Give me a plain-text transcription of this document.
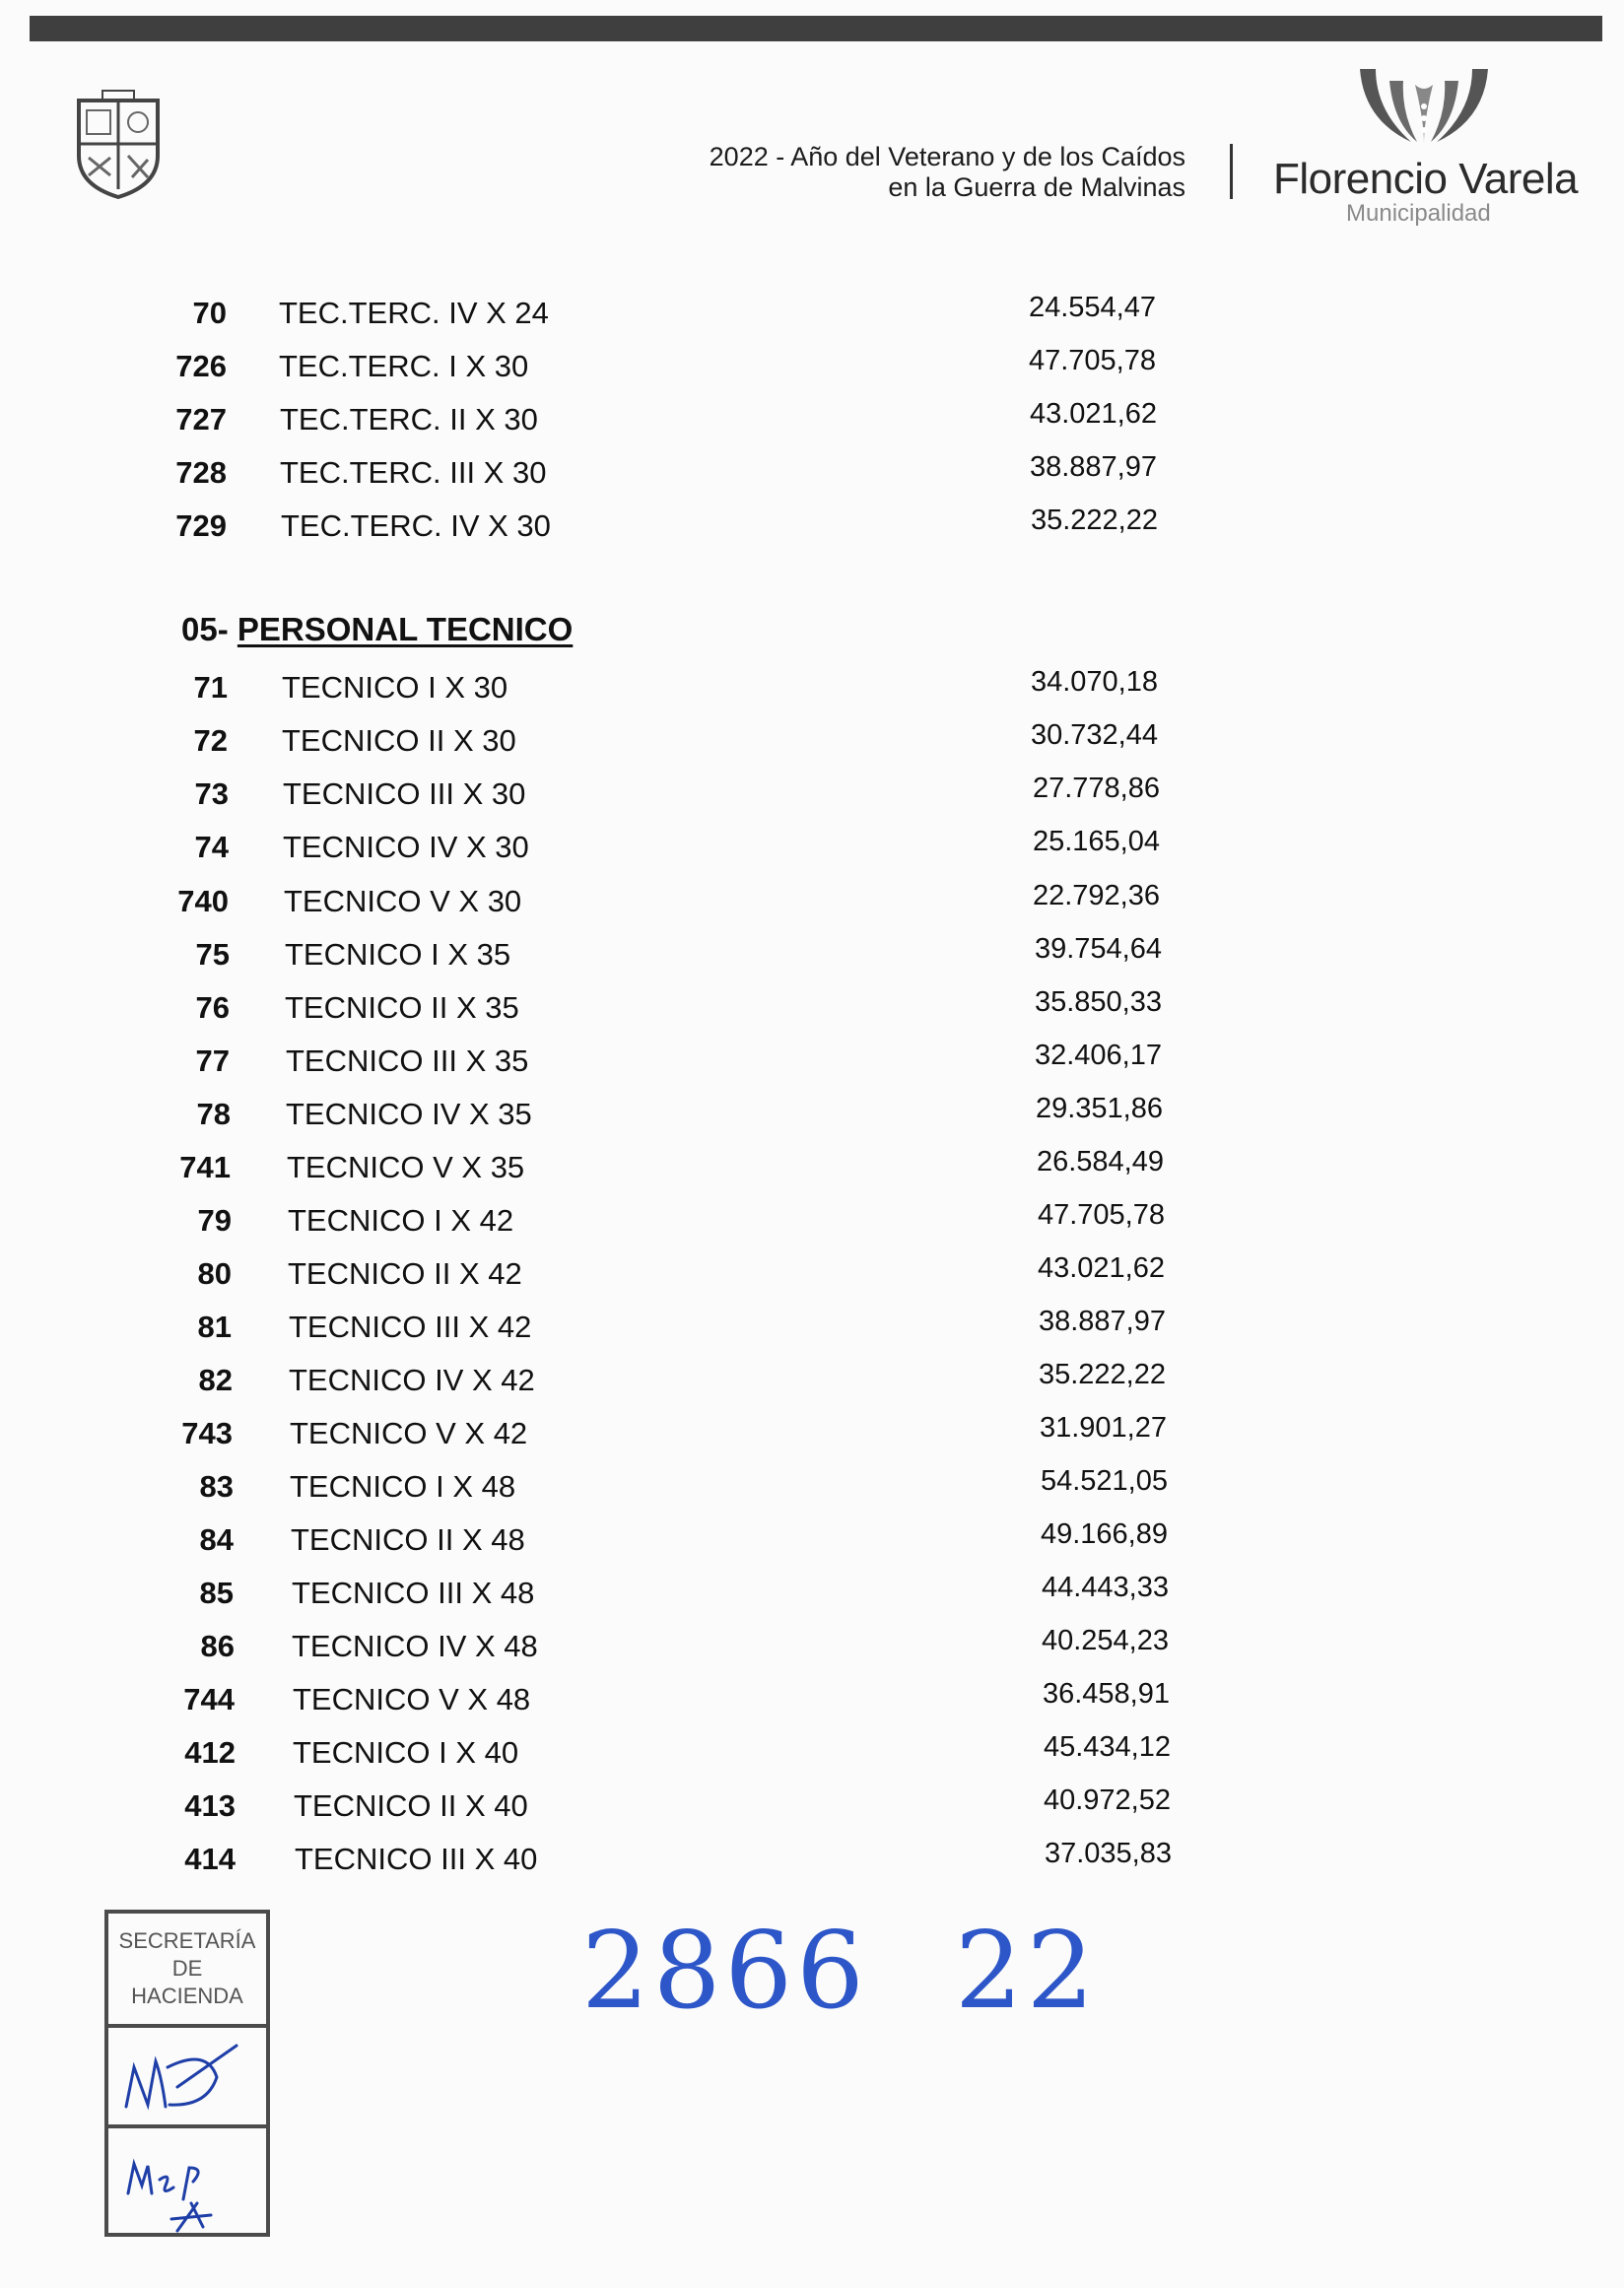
2022 - Año del Veterano y de los Caídos
en la Guerra de Malvinas Florencio Varela
Municipalidad
70 TEC.TERC. IV X 24	24.554,47
726 TEC.TERC. I X 30	47.705,78
727 TEC.TERC. II X 30	43.021,62
728 TEC.TERC. III X 30	38.887,97
729 TEC.TERC. IV X 30	35.222,22
05- PERSONAL TECNICO
71 TECNICO I X 30	34.070,18
72 TECNICO II X 30	30.732,44
73 TECNICO III X 30	27.778,86
74 TECNICO IV X 30	25.165,04
740 TECNICO V X 30	22.792,36
75 TECNICO I X 35	39.754,64
76 TECNICO II X 35	35.850,33
77 TECNICO III X 35	32.406,17
78 TECNICO IV X 35	29.351,86
741 TECNICO V X 35	26.584,49
79 TECNICO I X 42	47.705,78
80 TECNICO II X 42	43.021,62
81 TECNICO III X 42	38.887,97
82 TECNICO IV X 42	35.222,22
743 TECNICO V X 42	31.901,27
83 TECNICO I X 48	54.521,05
84 TECNICO II X 48	49.166,89
85 TECNICO III X 48	44.443,33
86 TECNICO IV X 48	40.254,23
744 TECNICO V X 48	36.458,91
412 TECNICO I X 40	45.434,12
413 TECNICO II X 40	40.972,52
414 TECNICO III X 40	37.035,83
SECRETARÍA
DE
HACIENDA	2866 22
